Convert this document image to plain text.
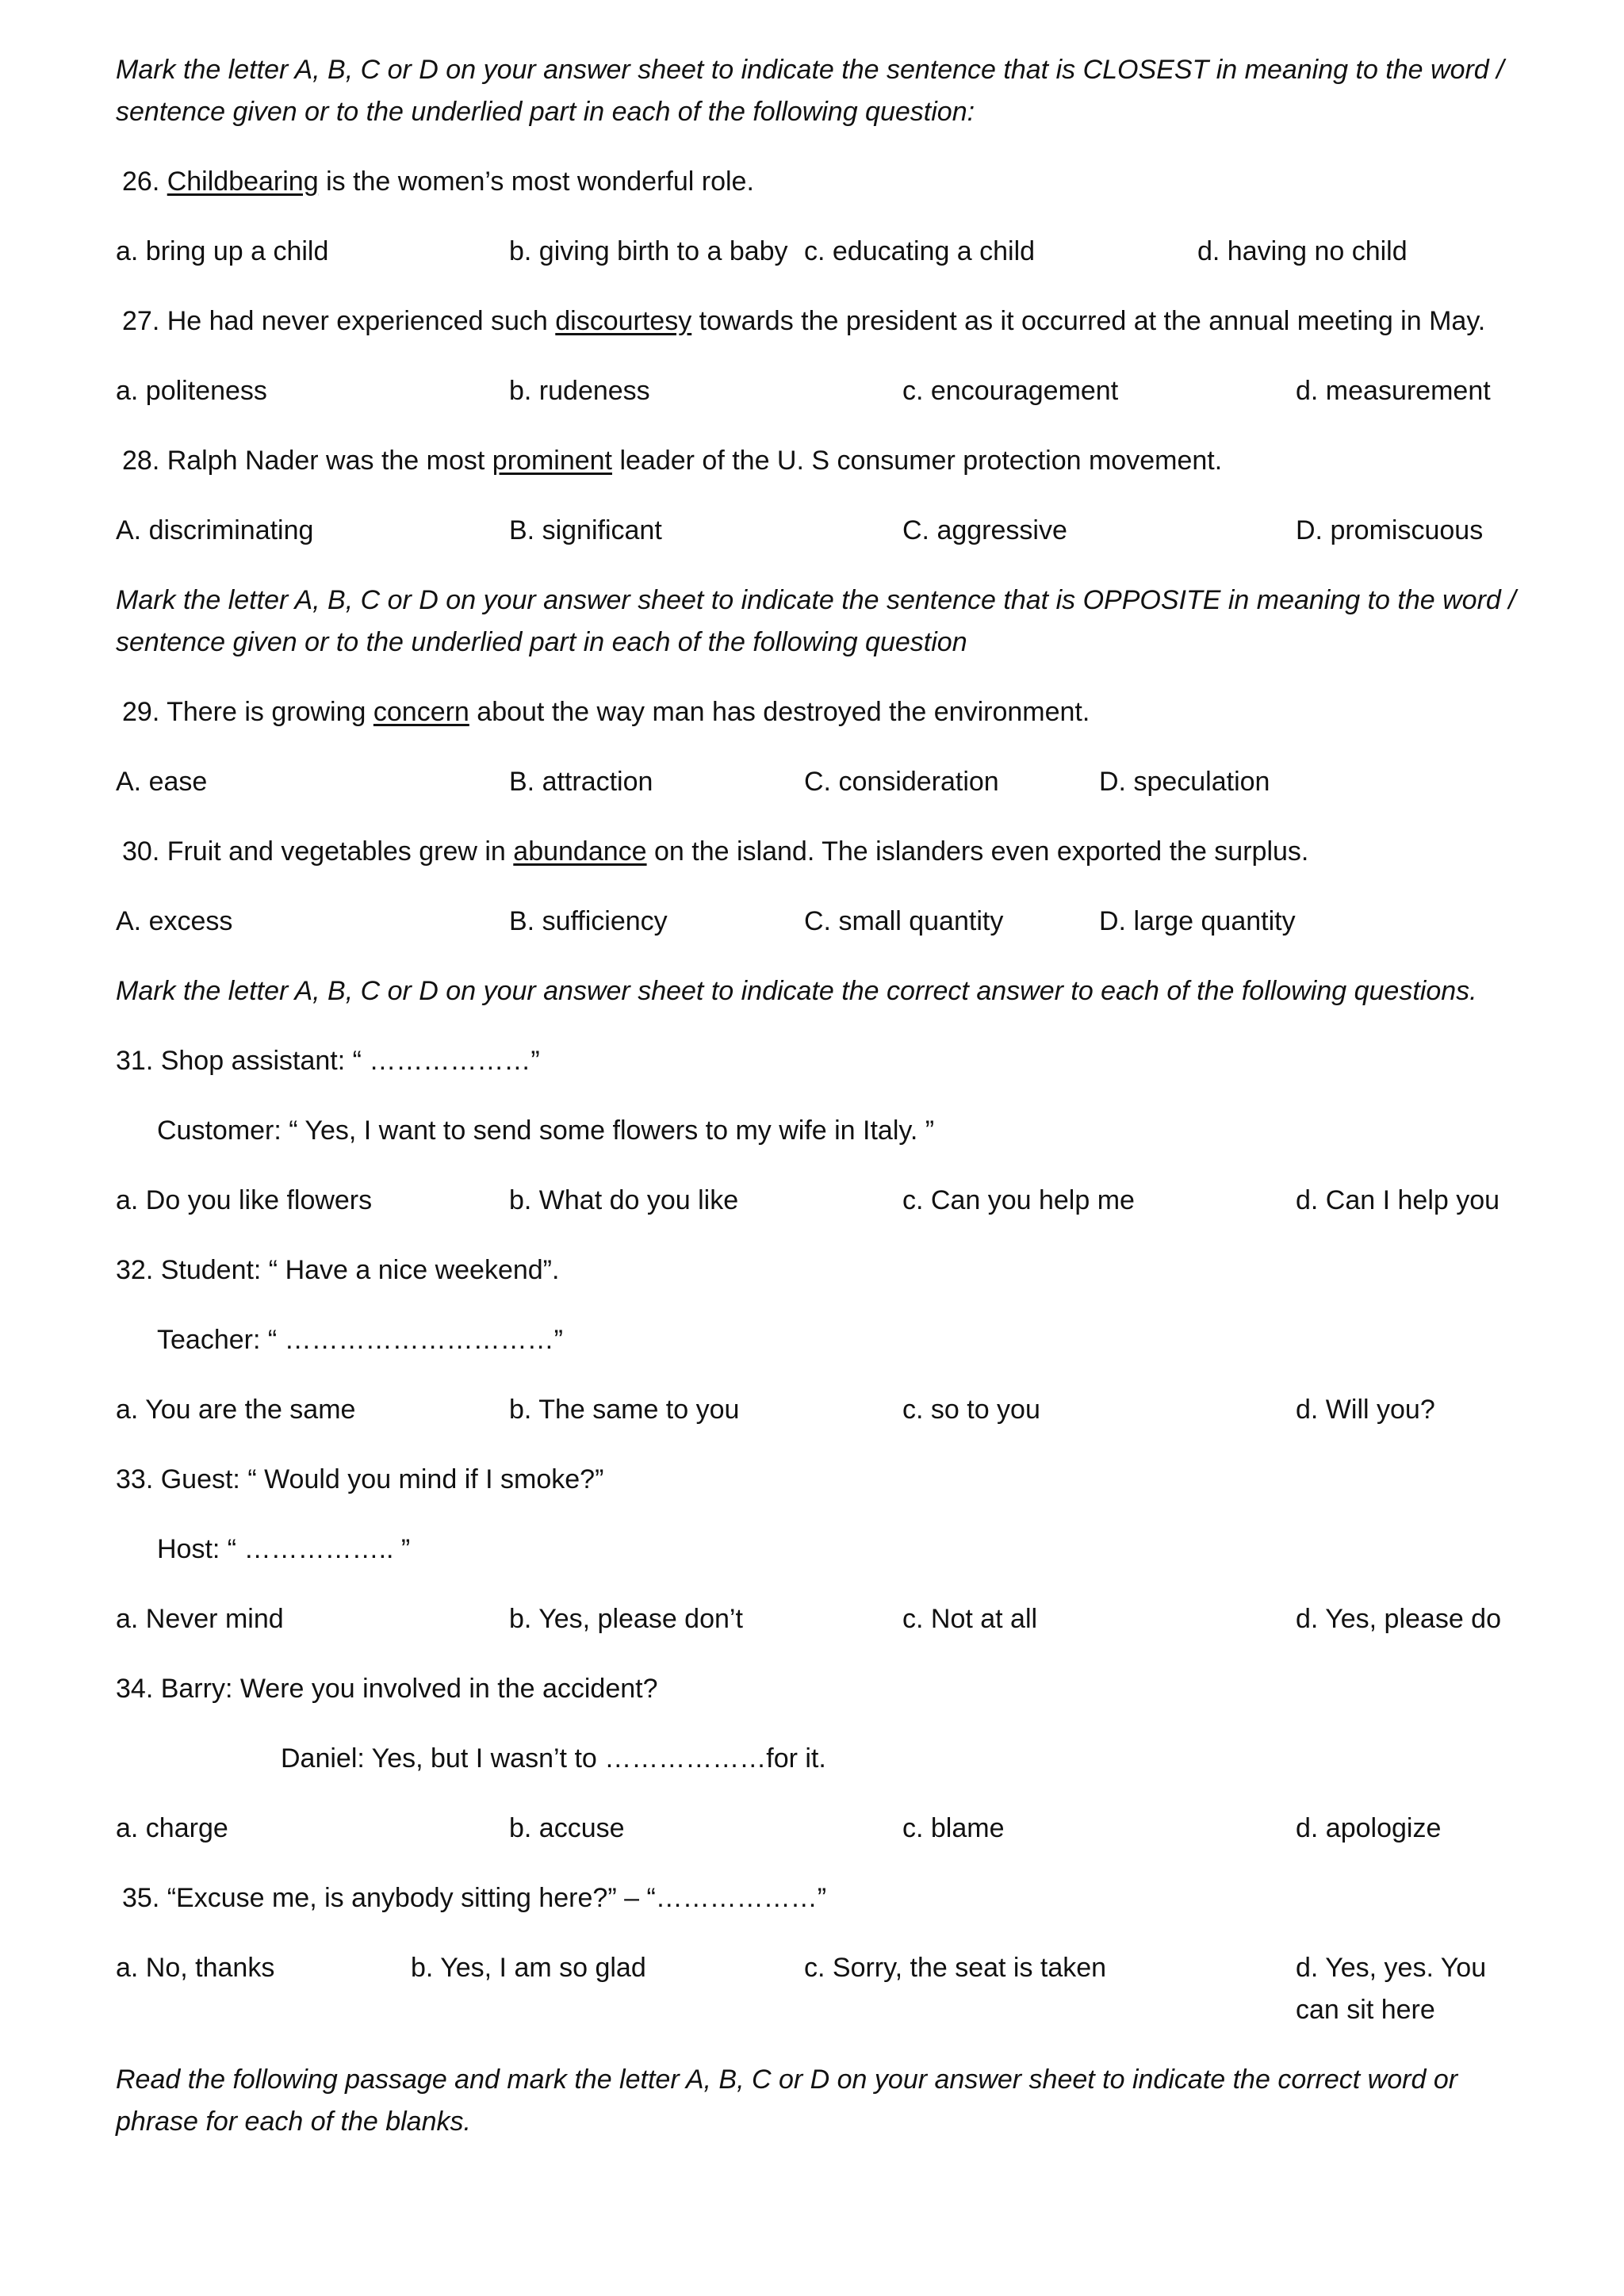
Mark the letter A, B, C or D on your answer sheet to indicate the sentence that is CLOSEST in meaning to the word / sentence given or to the underlied part in each of the following question:
26. Childbearing is the women’s most wonderful role.
a. bring up a child	b. giving birth to a baby c. educating a child	d. having no child
27. He had never experienced such discourtesy towards the president as it occurred at the annual meeting in May.
a. politeness	b. rudeness	c. encouragement	d. measurement
28. Ralph Nader was the most prominent leader of the U. S consumer protection movement.
A. discriminating	B. significant	C. aggressive	D. promiscuous
Mark the letter A, B, C or D on your answer sheet to indicate the sentence that is OPPOSITE in meaning to the word / sentence given or to the underlied part in each of the following question
29. There is growing concern about the way man has destroyed the environment.
A. ease	B. attraction	C. consideration	D. speculation
30. Fruit and vegetables grew in abundance on the island. The islanders even exported the surplus.
A. excess	B. sufficiency	C. small quantity	D. large quantity
Mark the letter A, B, C or D on your answer sheet to indicate the correct answer to each of the following questions.
31. Shop assistant: “ ………………”
Customer: “ Yes, I want to send some flowers to my wife in Italy. ”
a. Do you like flowers	b. What do you like	c. Can you help me	d. Can I help you
32. Student: “ Have a nice weekend”.
Teacher: “ …………………………”
a. You are the same	b. The same to you	c. so to you	d. Will you?
33. Guest: “ Would you mind if I smoke?”
Host: “ …………….. ”
a. Never mind	b. Yes, please don’t	c. Not at all	d. Yes, please do
34. Barry: Were you involved in the accident?
Daniel: Yes, but I wasn’t to ………………for it.
a. charge	b. accuse	c. blame	d. apologize
35. “Excuse me, is anybody sitting here?” – “………………”
a. No, thanks	b. Yes, I am so glad	c. Sorry, the seat is taken	d. Yes, yes. You can sit here
Read the following passage and mark the letter A, B, C or D on your answer sheet to indicate the correct word or phrase for each of the blanks.
